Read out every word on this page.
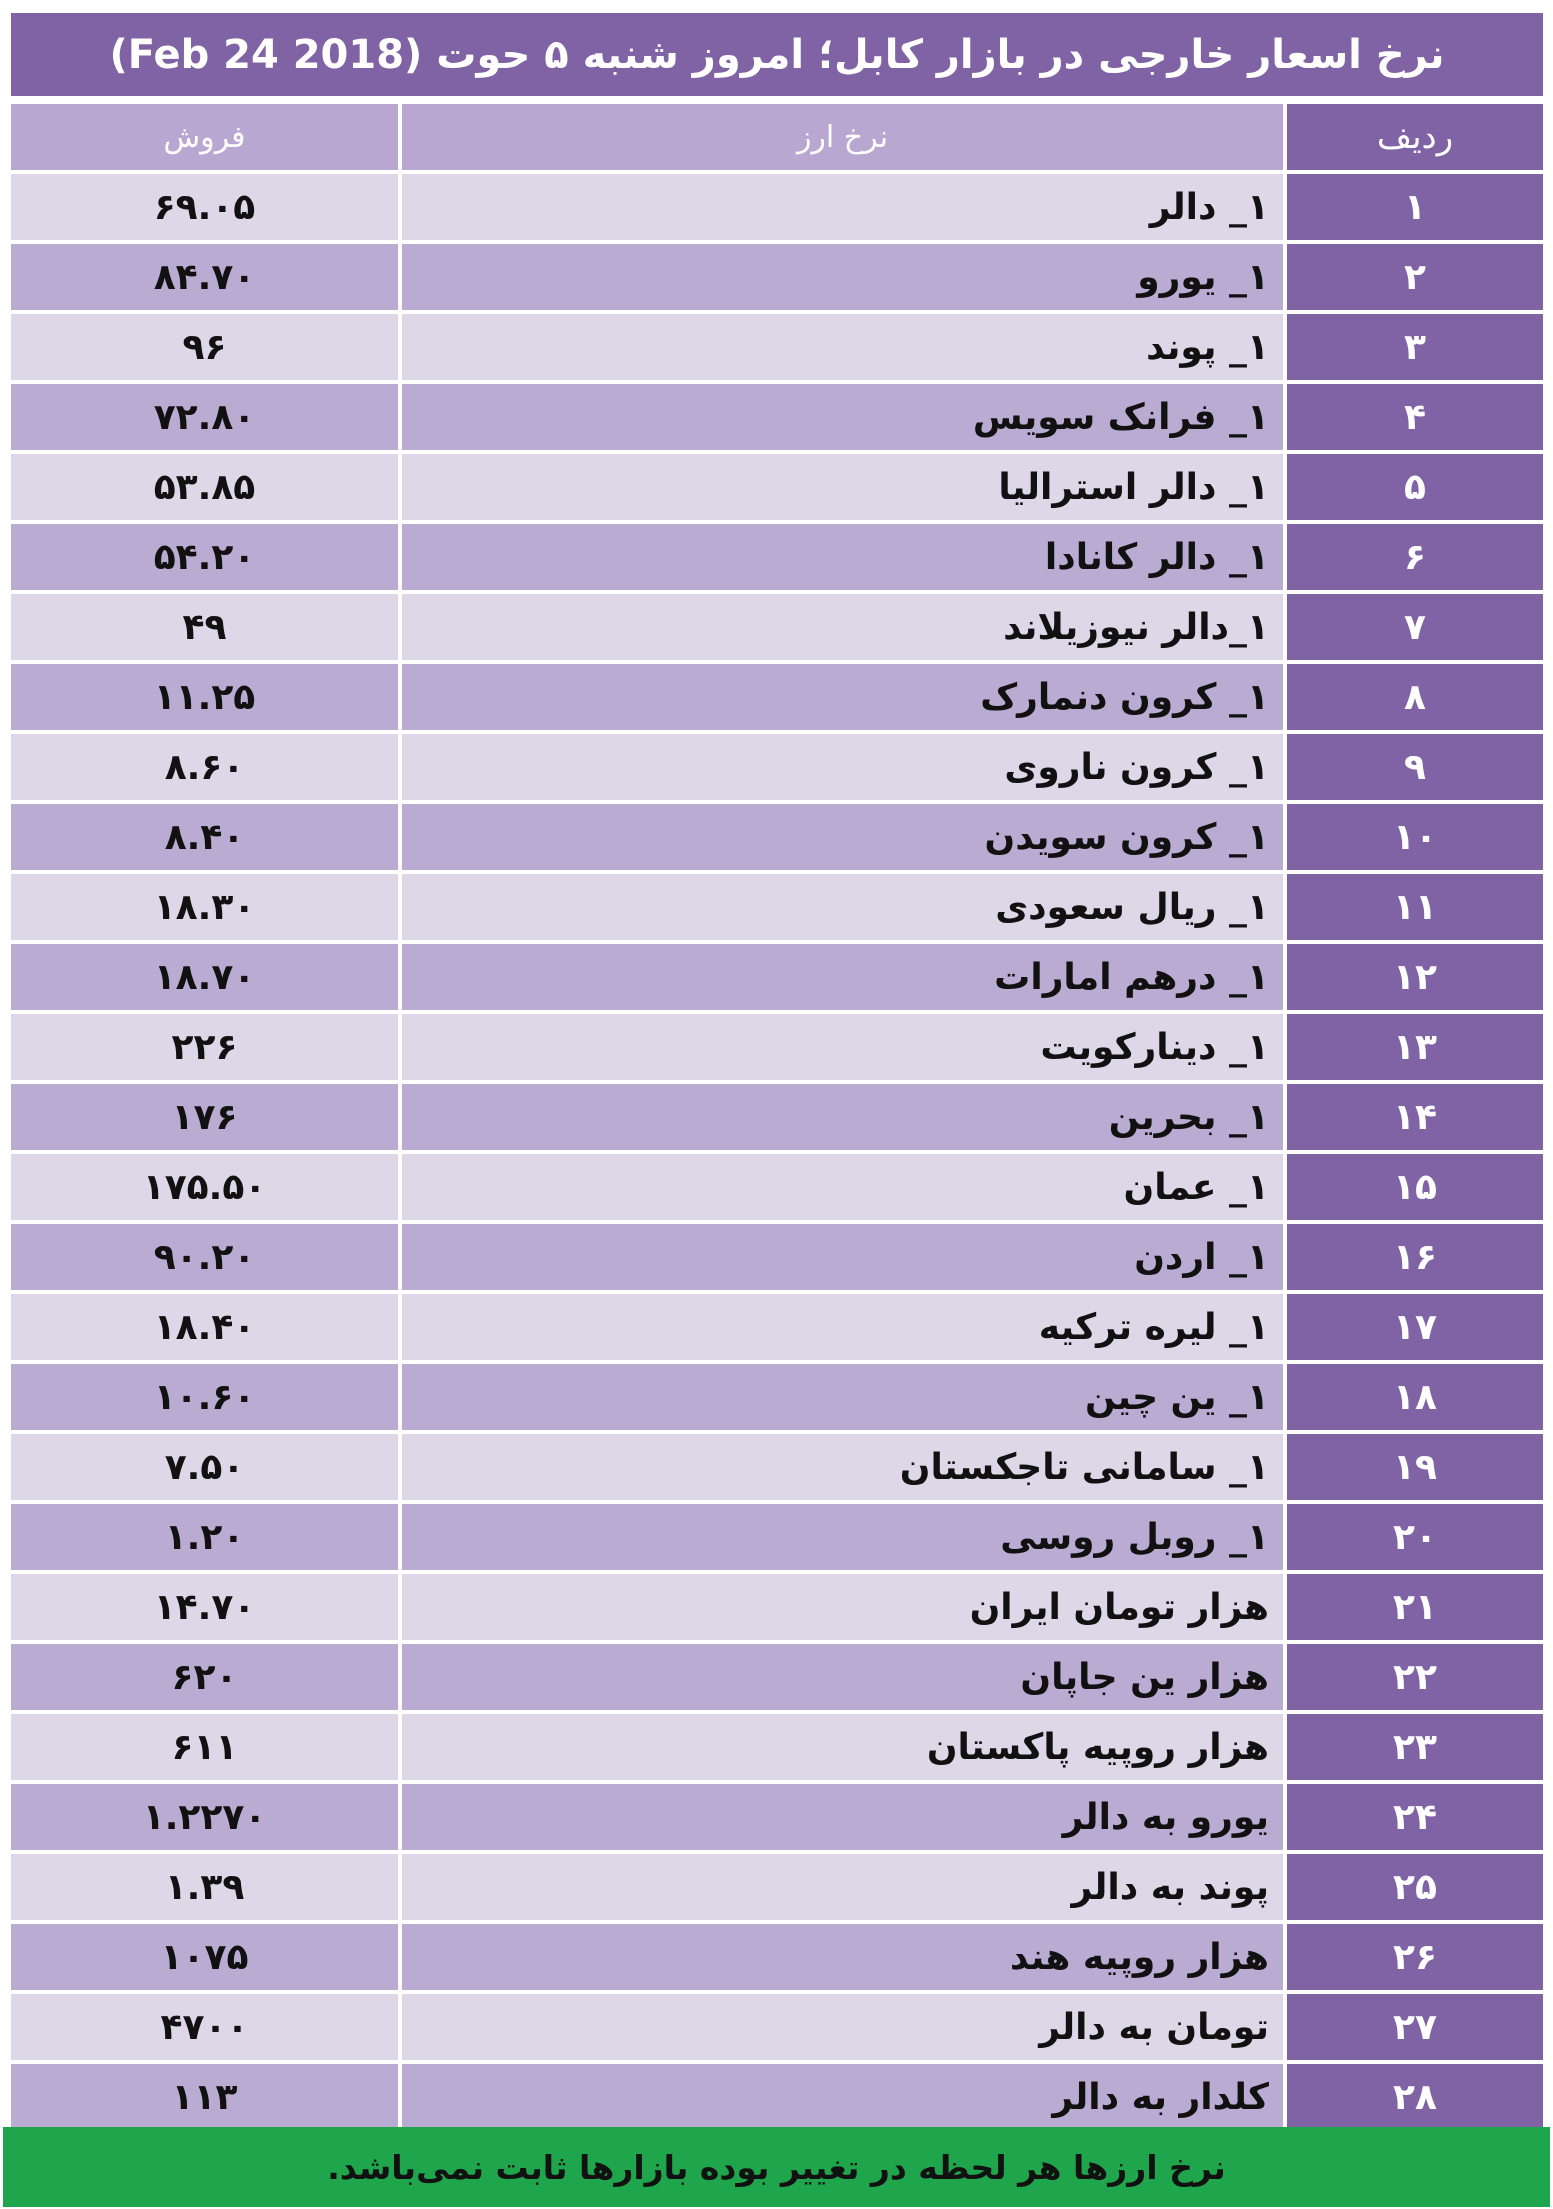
نرخ اسعار خارجی در بازار کابل؛ امروز شنبه ۵ حوت (Feb 24 2018)
فروش	نرخ ارز	ردیف
۶۹.۰۵	۱_ دالر	۱
۸۴.۷۰	۱_ یورو	۲
۹۶	۱_ پوند	۳
۷۲.۸۰	۱_ فرانک سویس	۴
۵۳.۸۵	۱_ دالر استرالیا	۵
۵۴.۲۰	۱_ دالر کانادا	۶
۴۹	۱_دالر نیوزیلاند	۷
۱۱.۲۵	۱_ کرون دنمارک	۸
۸.۶۰	۱_ کرون ناروی	۹
۸.۴۰	۱_ کرون سویدن	۱۰
۱۸.۳۰	۱_ ریال سعودی	۱۱
۱۸.۷۰	۱_ درهم امارات	۱۲
۲۲۶	۱_ دینارکویت	۱۳
۱۷۶	۱_ بحرین	۱۴
۱۷۵.۵۰	۱_ عمان	۱۵
۹۰.۲۰	۱_ اردن	۱۶
۱۸.۴۰	۱_ لیره ترکیه	۱۷
۱۰.۶۰	۱_ ین چین	۱۸
۷.۵۰	۱_ سامانی تاجکستان	۱۹
۱.۲۰	۱_ روبل روسی	۲۰
۱۴.۷۰	هزار تومان ایران	۲۱
۶۲۰	هزار ین جاپان	۲۲
۶۱۱	هزار روپیه پاکستان	۲۳
۱.۲۲۷۰	یورو به دالر	۲۴
۱.۳۹	پوند به دالر	۲۵
۱۰۷۵	هزار روپیه هند	۲۶
۴۷۰۰	تومان به دالر	۲۷
۱۱۳	کلدار به دالر	۲۸
نرخ ارزها هر لحظه در تغییر بوده بازارها ثابت نمی‌باشد.
